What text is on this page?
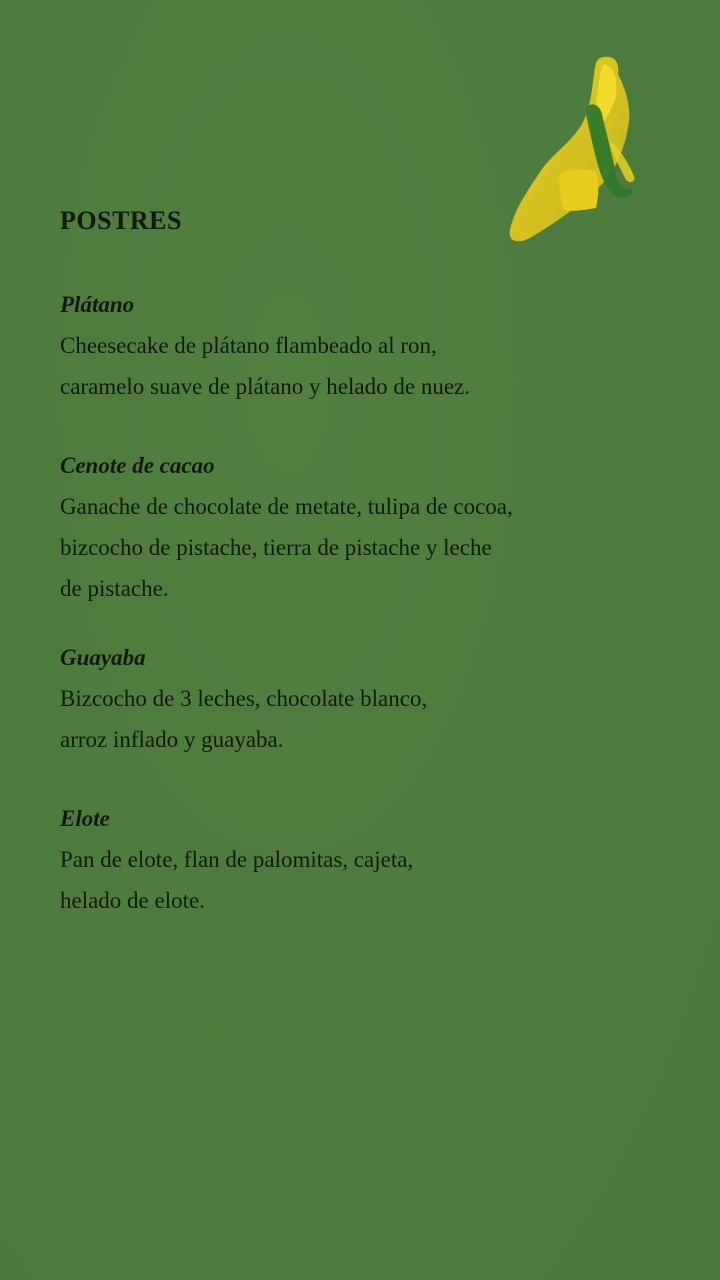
POSTRES
Plátano

Cheesecake de plátano flambeado al ron,
caramelo suave de plátano y helado de nuez.

Cenote de cacao

Ganache de chocolate de metate, tulipa de cocoa,
bizcocho de pistache, tierra de pistache y leche
de pistache.

Guayaba

Bizcocho de 3 leches, chocolate blanco,
arroz inflado y guayaba.

Elote

Pan de elote, flan de palomitas, cajeta,
helado de elote.
